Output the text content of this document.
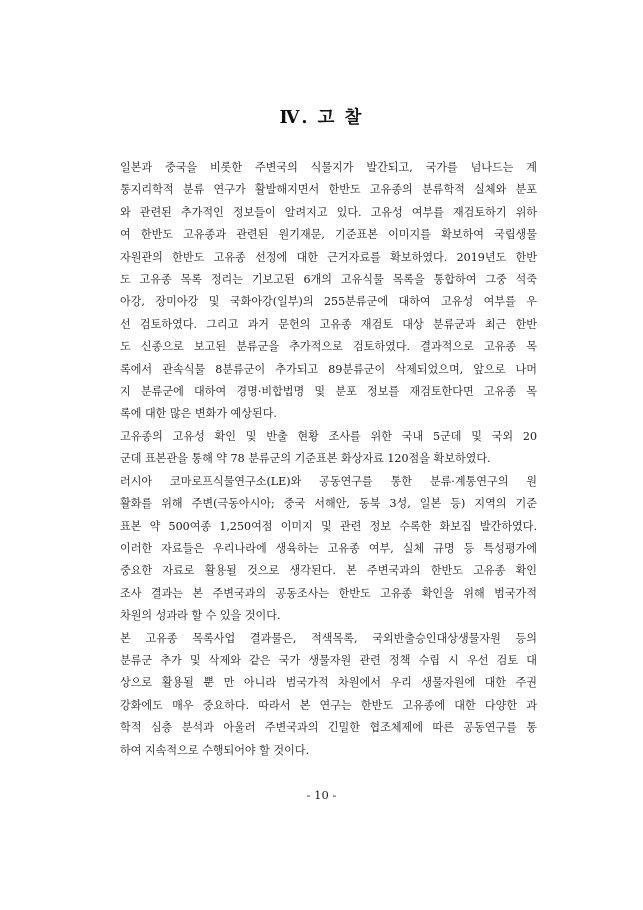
Ⅳ. 고 찰

일본과 중국을 비롯한 주변국의 식물지가 발간되고, 국가를 넘나드는 계
통지리학적 분류 연구가 활발해지면서 한반도 고유종의 분류학적 실체와 분포
와 관련된 추가적인 정보들이 알려지고 있다. 고유성 여부를 재검토하기 위하
여 한반도 고유종과 관련된 원기재문, 기준표본 이미지를 확보하여 국립생물
자원관의 한반도 고유종 선정에 대한 근거자료를 확보하였다. 2019년도 한반
도 고유종 목록 정리는 기보고된 6개의 고유식물 목록을 통합하여 그중 석죽
아강, 장미아강 및 국화아강(일부)의 255분류군에 대하여 고유성 여부를 우
선 검토하였다. 그리고 과거 문헌의 고유종 재검토 대상 분류군과 최근 한반
도 신종으로 보고된 분류군을 추가적으로 검토하였다. 결과적으로 고유종 목
록에서 관속식물 8분류군이 추가되고 89분류군이 삭제되었으며, 앞으로 나머
지 분류군에 대하여 경명·비합법명 및 분포 정보를 재검토한다면 고유종 목
록에 대한 많은 변화가 예상된다.

고유종의 고유성 확인 및 반출 현황 조사를 위한 국내 5군데 및 국외 20
군데 표본관을 통해 약 78 분류군의 기준표본 화상자료 120점을 확보하였다.

러시아 코마로프식물연구소(LE)와 공동연구를 통한 분류·계통연구의 원
활화를 위해 주변(극동아시아; 중국 서해안, 동북 3성, 일본 등) 지역의 기준
표본 약 500여종 1,250여점 이미지 및 관련 정보 수록한 화보집 발간하였다.
이러한 자료들은 우리나라에 생육하는 고유종 여부, 실체 규명 등 특성평가에
중요한 자료로 활용될 것으로 생각된다. 본 주변국과의 한반도 고유종 확인
조사 결과는 본 주변국과의 공동조사는 한반도 고유종 확인을 위해 범국가적
차원의 성과라 할 수 있을 것이다.

본 고유종 목록사업 결과물은, 적색목록, 국외반출승인대상생물자원 등의
분류군 추가 및 삭제와 같은 국가 생물자원 관련 정책 수립 시 우선 검토 대
상으로 활용될 뿐 만 아니라 범국가적 차원에서 우리 생물자원에 대한 주권
강화에도 매우 중요하다. 따라서 본 연구는 한반도 고유종에 대한 다양한 과
학적 심층 분석과 아울러 주변국과의 긴밀한 협조체제에 따른 공동연구를 통
하여 지속적으로 수행되어야 할 것이다.

- 10 -
